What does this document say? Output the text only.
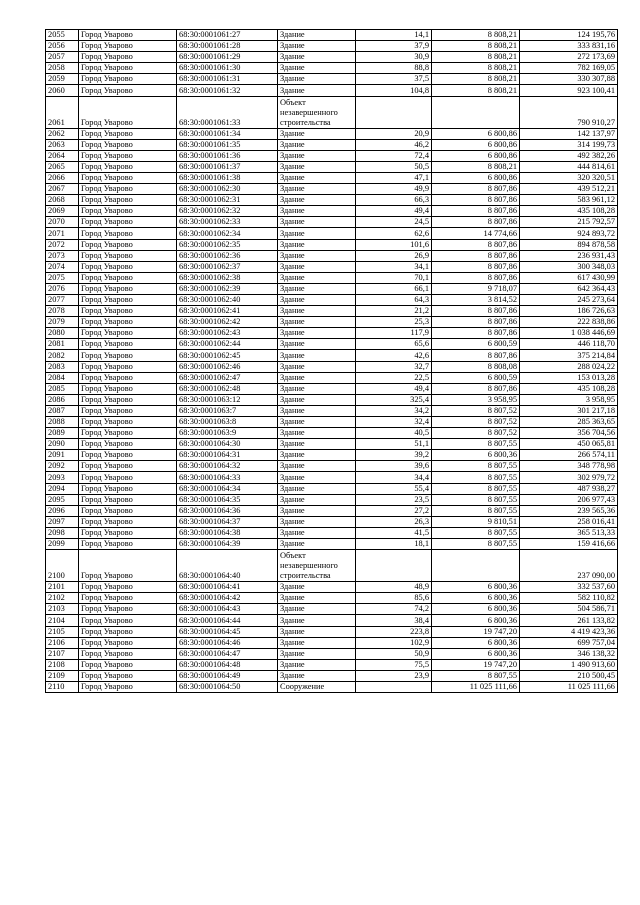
2055	Город Уварово	68:30:0001061:27	Здание	14,1	8 808,21	124 195,76
2056	Город Уварово	68:30:0001061:28	Здание	37,9	8 808,21	333 831,16
2057	Город Уварово	68:30:0001061:29	Здание	30,9	8 808,21	272 173,69
2058	Город Уварово	68:30:0001061:30	Здание	88,8	8 808,21	782 169,05
2059	Город Уварово	68:30:0001061:31	Здание	37,5	8 808,21	330 307,88
2060	Город Уварово	68:30:0001061:32	Здание	104,8	8 808,21	923 100,41
2061	Город Уварово	68:30:0001061:33	Объект незавершенного строительства			790 910,27
2062	Город Уварово	68:30:0001061:34	Здание	20,9	6 800,86	142 137,97
2063	Город Уварово	68:30:0001061:35	Здание	46,2	6 800,86	314 199,73
2064	Город Уварово	68:30:0001061:36	Здание	72,4	6 800,86	492 382,26
2065	Город Уварово	68:30:0001061:37	Здание	50,5	8 808,21	444 814,61
2066	Город Уварово	68:30:0001061:38	Здание	47,1	6 800,86	320 320,51
2067	Город Уварово	68:30:0001062:30	Здание	49,9	8 807,86	439 512,21
2068	Город Уварово	68:30:0001062:31	Здание	66,3	8 807,86	583 961,12
2069	Город Уварово	68:30:0001062:32	Здание	49,4	8 807,86	435 108,28
2070	Город Уварово	68:30:0001062:33	Здание	24,5	8 807,86	215 792,57
2071	Город Уварово	68:30:0001062:34	Здание	62,6	14 774,66	924 893,72
2072	Город Уварово	68:30:0001062:35	Здание	101,6	8 807,86	894 878,58
2073	Город Уварово	68:30:0001062:36	Здание	26,9	8 807,86	236 931,43
2074	Город Уварово	68:30:0001062:37	Здание	34,1	8 807,86	300 348,03
2075	Город Уварово	68:30:0001062:38	Здание	70,1	8 807,86	617 430,99
2076	Город Уварово	68:30:0001062:39	Здание	66,1	9 718,07	642 364,43
2077	Город Уварово	68:30:0001062:40	Здание	64,3	3 814,52	245 273,64
2078	Город Уварово	68:30:0001062:41	Здание	21,2	8 807,86	186 726,63
2079	Город Уварово	68:30:0001062:42	Здание	25,3	8 807,86	222 838,86
2080	Город Уварово	68:30:0001062:43	Здание	117,9	8 807,86	1 038 446,69
2081	Город Уварово	68:30:0001062:44	Здание	65,6	6 800,59	446 118,70
2082	Город Уварово	68:30:0001062:45	Здание	42,6	8 807,86	375 214,84
2083	Город Уварово	68:30:0001062:46	Здание	32,7	8 808,08	288 024,22
2084	Город Уварово	68:30:0001062:47	Здание	22,5	6 800,59	153 013,28
2085	Город Уварово	68:30:0001062:48	Здание	49,4	8 807,86	435 108,28
2086	Город Уварово	68:30:0001063:12	Здание	325,4	3 958,95	3 958,95
2087	Город Уварово	68:30:0001063:7	Здание	34,2	8 807,52	301 217,18
2088	Город Уварово	68:30:0001063:8	Здание	32,4	8 807,52	285 363,65
2089	Город Уварово	68:30:0001063:9	Здание	40,5	8 807,52	356 704,56
2090	Город Уварово	68:30:0001064:30	Здание	51,1	8 807,55	450 065,81
2091	Город Уварово	68:30:0001064:31	Здание	39,2	6 800,36	266 574,11
2092	Город Уварово	68:30:0001064:32	Здание	39,6	8 807,55	348 778,98
2093	Город Уварово	68:30:0001064:33	Здание	34,4	8 807,55	302 979,72
2094	Город Уварово	68:30:0001064:34	Здание	55,4	8 807,55	487 938,27
2095	Город Уварово	68:30:0001064:35	Здание	23,5	8 807,55	206 977,43
2096	Город Уварово	68:30:0001064:36	Здание	27,2	8 807,55	239 565,36
2097	Город Уварово	68:30:0001064:37	Здание	26,3	9 810,51	258 016,41
2098	Город Уварово	68:30:0001064:38	Здание	41,5	8 807,55	365 513,33
2099	Город Уварово	68:30:0001064:39	Здание	18,1	8 807,55	159 416,66
2100	Город Уварово	68:30:0001064:40	Объект незавершенного строительства			237 090,00
2101	Город Уварово	68:30:0001064:41	Здание	48,9	6 800,36	332 537,60
2102	Город Уварово	68:30:0001064:42	Здание	85,6	6 800,36	582 110,82
2103	Город Уварово	68:30:0001064:43	Здание	74,2	6 800,36	504 586,71
2104	Город Уварово	68:30:0001064:44	Здание	38,4	6 800,36	261 133,82
2105	Город Уварово	68:30:0001064:45	Здание	223,8	19 747,20	4 419 423,36
2106	Город Уварово	68:30:0001064:46	Здание	102,9	6 800,36	699 757,04
2107	Город Уварово	68:30:0001064:47	Здание	50,9	6 800,36	346 138,32
2108	Город Уварово	68:30:0001064:48	Здание	75,5	19 747,20	1 490 913,60
2109	Город Уварово	68:30:0001064:49	Здание	23,9	8 807,55	210 500,45
2110	Город Уварово	68:30:0001064:50	Сооружение		11 025 111,66	11 025 111,66
